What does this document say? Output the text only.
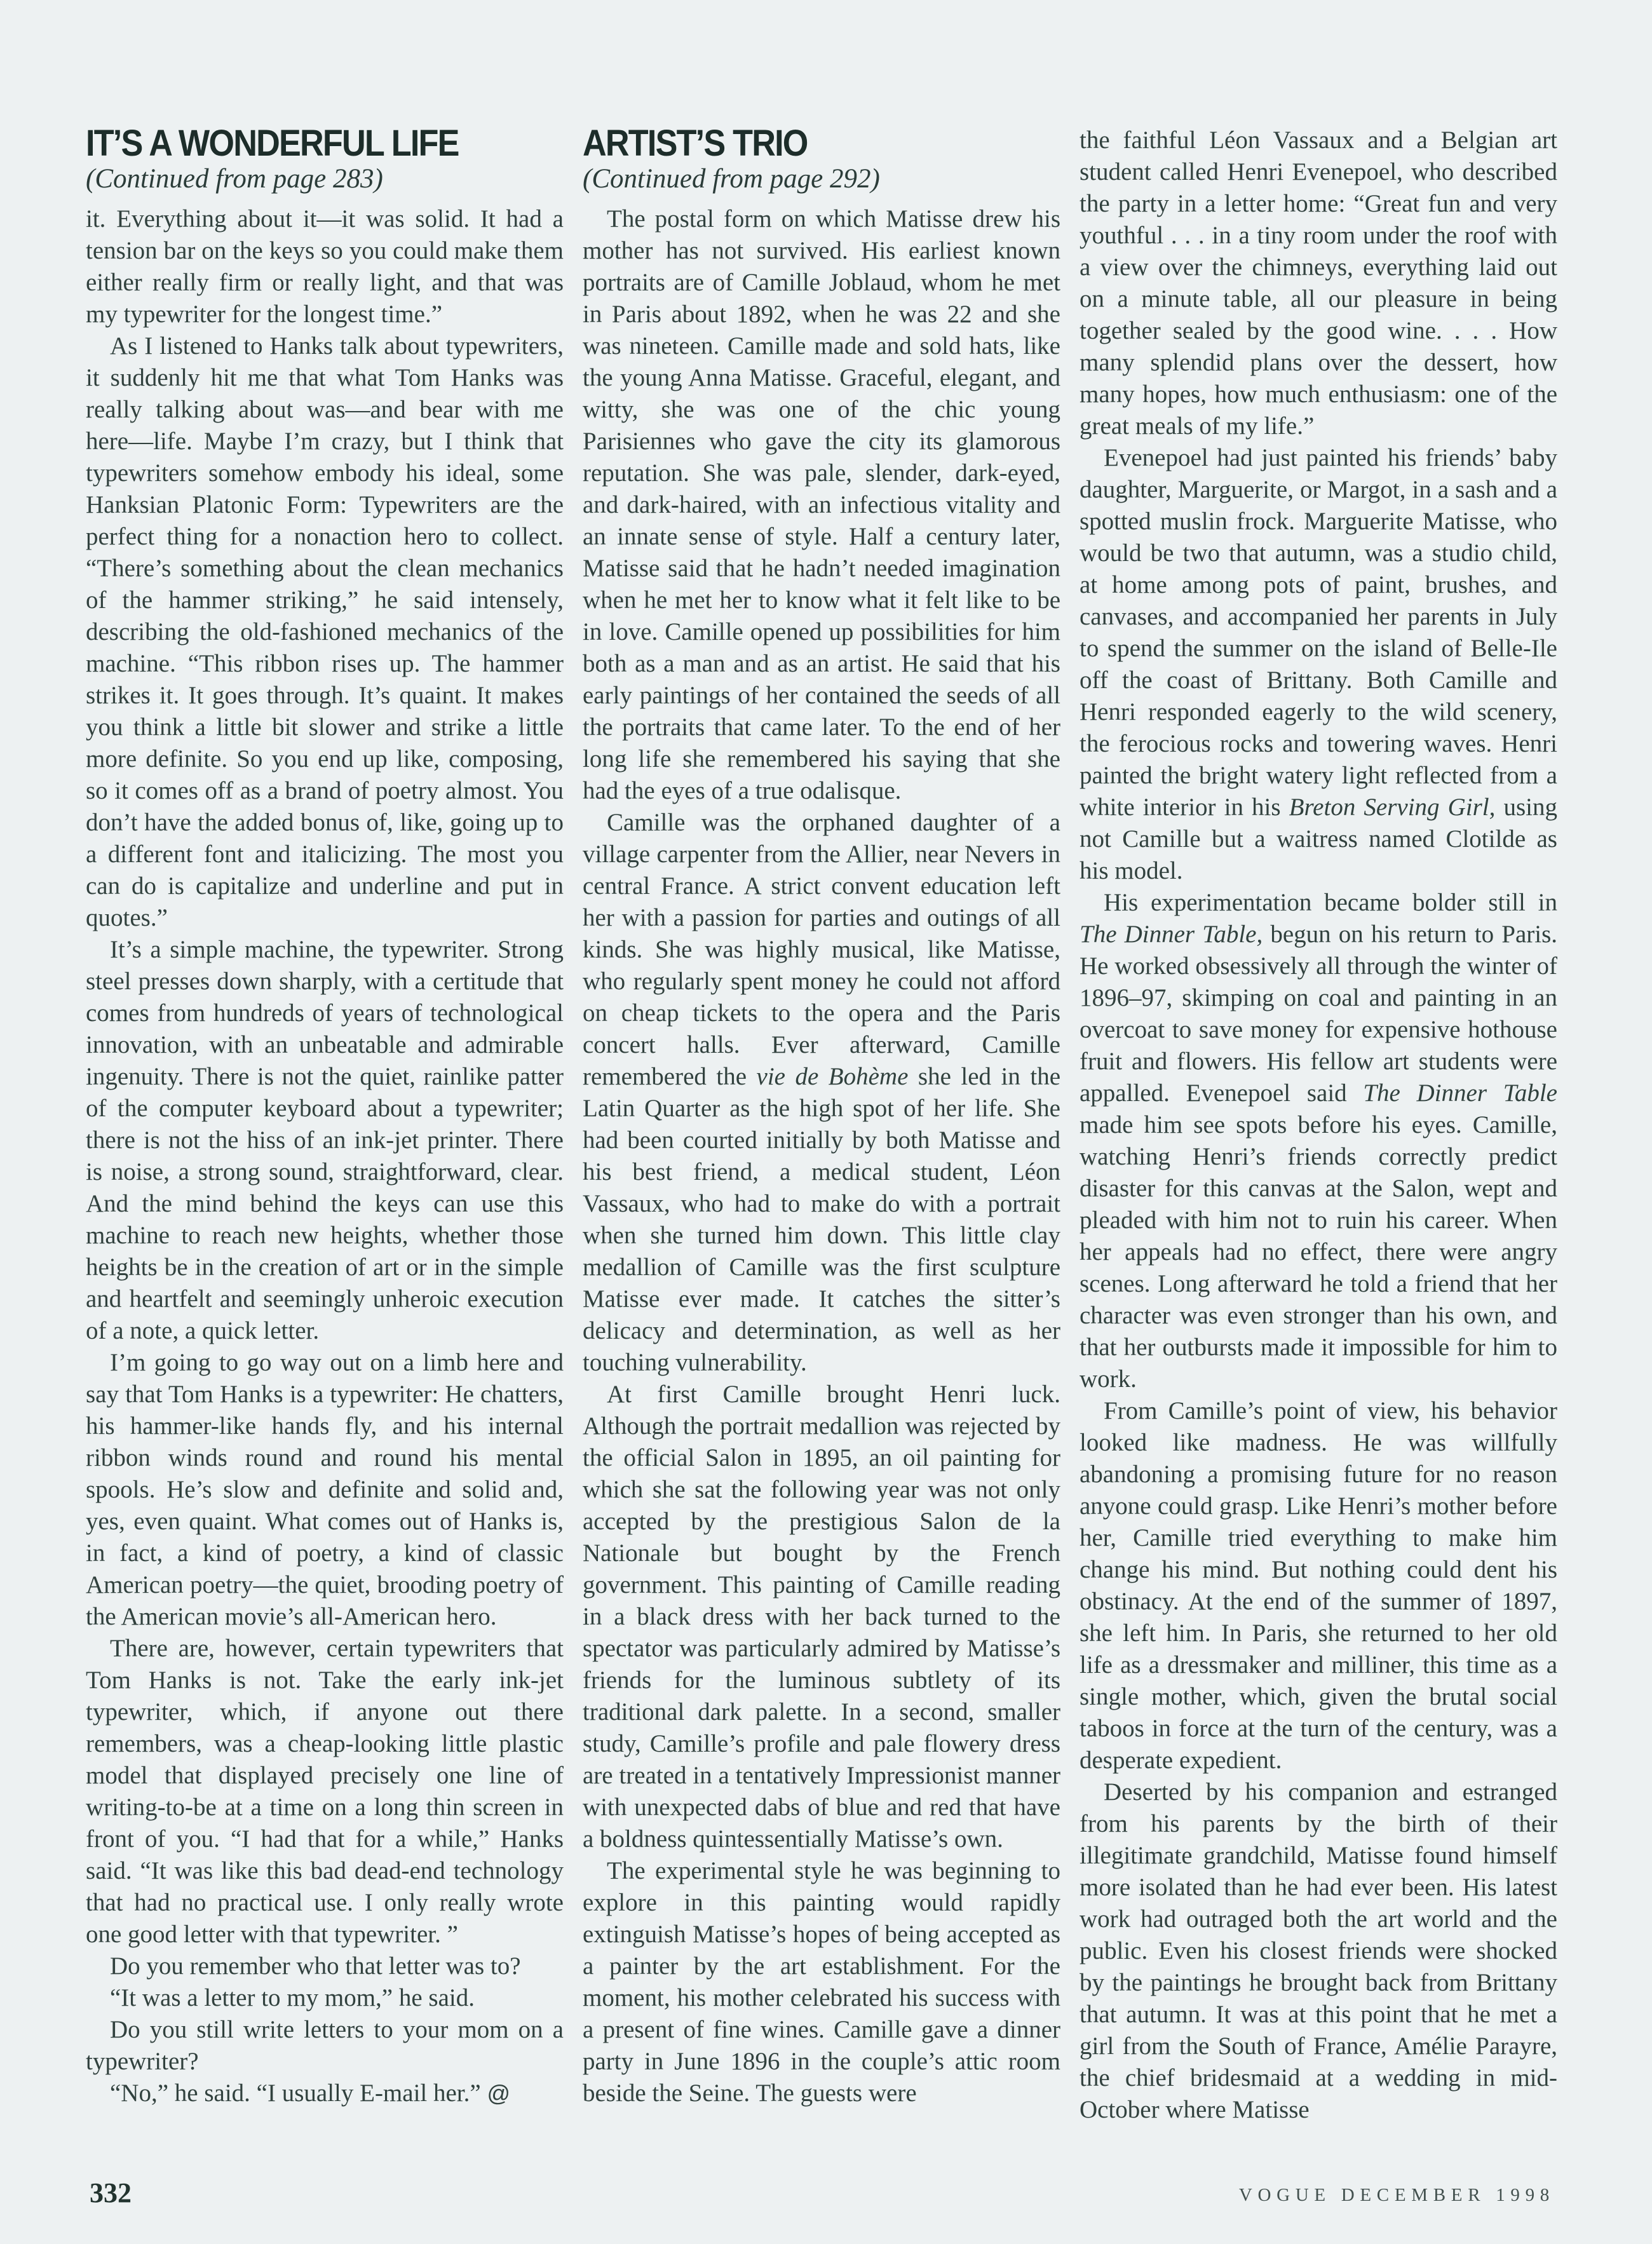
IT’S A WONDERFUL LIFE

(Continued from page 283)

it. Everything about it—it was solid. It had a tension bar on the keys so you could make them either really firm or really light, and that was my typewriter for the longest time.”

As I listened to Hanks talk about typewriters, it suddenly hit me that what Tom Hanks was really talking about was—and bear with me here—life. Maybe I’m crazy, but I think that typewriters somehow embody his ideal, some Hanksian Platonic Form: Typewriters are the perfect thing for a nonaction hero to collect. “There’s something about the clean mechanics of the hammer striking,” he said intensely, describing the old-fashioned mechanics of the machine. “This ribbon rises up. The hammer strikes it. It goes through. It’s quaint. It makes you think a little bit slower and strike a little more definite. So you end up like, composing, so it comes off as a brand of poetry almost. You don’t have the added bonus of, like, going up to a different font and italicizing. The most you can do is capitalize and underline and put in quotes.”

It’s a simple machine, the typewriter. Strong steel presses down sharply, with a certitude that comes from hundreds of years of technological innovation, with an unbeatable and admirable ingenuity. There is not the quiet, rainlike patter of the computer keyboard about a typewriter; there is not the hiss of an ink-jet printer. There is noise, a strong sound, straightforward, clear. And the mind behind the keys can use this machine to reach new heights, whether those heights be in the creation of art or in the simple and heartfelt and seemingly unheroic execution of a note, a quick letter.

I’m going to go way out on a limb here and say that Tom Hanks is a typewriter: He chatters, his hammer-like hands fly, and his internal ribbon winds round and round his mental spools. He’s slow and definite and solid and, yes, even quaint. What comes out of Hanks is, in fact, a kind of poetry, a kind of classic American poetry—the quiet, brooding poetry of the American movie’s all-American hero.

There are, however, certain typewriters that Tom Hanks is not. Take the early ink-jet typewriter, which, if anyone out there remembers, was a cheap-looking little plastic model that displayed precisely one line of writing-to-be at a time on a long thin screen in front of you. “I had that for a while,” Hanks said. “It was like this bad dead-end technology that had no practical use. I only really wrote one good letter with that typewriter. ”

Do you remember who that letter was to?

“It was a letter to my mom,” he said.

Do you still write letters to your mom on a typewriter?

“No,” he said. “I usually E-mail her.” @

ARTIST’S TRIO

(Continued from page 292)

The postal form on which Matisse drew his mother has not survived. His earliest known portraits are of Camille Joblaud, whom he met in Paris about 1892, when he was 22 and she was nineteen. Camille made and sold hats, like the young Anna Matisse. Graceful, elegant, and witty, she was one of the chic young Parisiennes who gave the city its glamorous reputation. She was pale, slender, dark-eyed, and dark-haired, with an infectious vitality and an innate sense of style. Half a century later, Matisse said that he hadn’t needed imagination when he met her to know what it felt like to be in love. Camille opened up possibilities for him both as a man and as an artist. He said that his early paintings of her contained the seeds of all the portraits that came later. To the end of her long life she remembered his saying that she had the eyes of a true odalisque.

Camille was the orphaned daughter of a village carpenter from the Allier, near Nevers in central France. A strict convent education left her with a passion for parties and outings of all kinds. She was highly musical, like Matisse, who regularly spent money he could not afford on cheap tickets to the opera and the Paris concert halls. Ever afterward, Camille remembered the vie de Bohème she led in the Latin Quarter as the high spot of her life. She had been courted initially by both Matisse and his best friend, a medical student, Léon Vassaux, who had to make do with a portrait when she turned him down. This little clay medallion of Camille was the first sculpture Matisse ever made. It catches the sitter’s delicacy and determination, as well as her touching vulnerability.

At first Camille brought Henri luck. Although the portrait medallion was rejected by the official Salon in 1895, an oil painting for which she sat the following year was not only accepted by the prestigious Salon de la Nationale but bought by the French government. This painting of Camille reading in a black dress with her back turned to the spectator was particularly admired by Matisse’s friends for the luminous subtlety of its traditional dark palette. In a second, smaller study, Camille’s profile and pale flowery dress are treated in a tentatively Impressionist manner with unexpected dabs of blue and red that have a boldness quintessentially Matisse’s own.

The experimental style he was beginning to explore in this painting would rapidly extinguish Matisse’s hopes of being accepted as a painter by the art establishment. For the moment, his mother celebrated his success with a present of fine wines. Camille gave a dinner party in June 1896 in the couple’s attic room beside the Seine. The guests were

the faithful Léon Vassaux and a Belgian art student called Henri Evenepoel, who described the party in a letter home: “Great fun and very youthful . . . in a tiny room under the roof with a view over the chimneys, everything laid out on a minute table, all our pleasure in being together sealed by the good wine. . . . How many splendid plans over the dessert, how many hopes, how much enthusiasm: one of the great meals of my life.”

Evenepoel had just painted his friends’ baby daughter, Marguerite, or Margot, in a sash and a spotted muslin frock. Marguerite Matisse, who would be two that autumn, was a studio child, at home among pots of paint, brushes, and canvases, and accompanied her parents in July to spend the summer on the island of Belle-Ile off the coast of Brittany. Both Camille and Henri responded eagerly to the wild scenery, the ferocious rocks and towering waves. Henri painted the bright watery light reflected from a white interior in his Breton Serving Girl, using not Camille but a waitress named Clotilde as his model.

His experimentation became bolder still in The Dinner Table, begun on his return to Paris. He worked obsessively all through the winter of 1896–97, skimping on coal and painting in an overcoat to save money for expensive hothouse fruit and flowers. His fellow art students were appalled. Evenepoel said The Dinner Table made him see spots before his eyes. Camille, watching Henri’s friends correctly predict disaster for this canvas at the Salon, wept and pleaded with him not to ruin his career. When her appeals had no effect, there were angry scenes. Long afterward he told a friend that her character was even stronger than his own, and that her outbursts made it impossible for him to work.

From Camille’s point of view, his behavior looked like madness. He was willfully abandoning a promising future for no reason anyone could grasp. Like Henri’s mother before her, Camille tried everything to make him change his mind. But nothing could dent his obstinacy. At the end of the summer of 1897, she left him. In Paris, she returned to her old life as a dressmaker and milliner, this time as a single mother, which, given the brutal social taboos in force at the turn of the century, was a desperate expedient.

Deserted by his companion and estranged from his parents by the birth of their illegitimate grandchild, Matisse found himself more isolated than he had ever been. His latest work had outraged both the art world and the public. Even his closest friends were shocked by the paintings he brought back from Brittany that autumn. It was at this point that he met a girl from the South of France, Amélie Parayre, the chief bridesmaid at a wedding in mid-October where Matisse

332	VOGUE DECEMBER 1998
